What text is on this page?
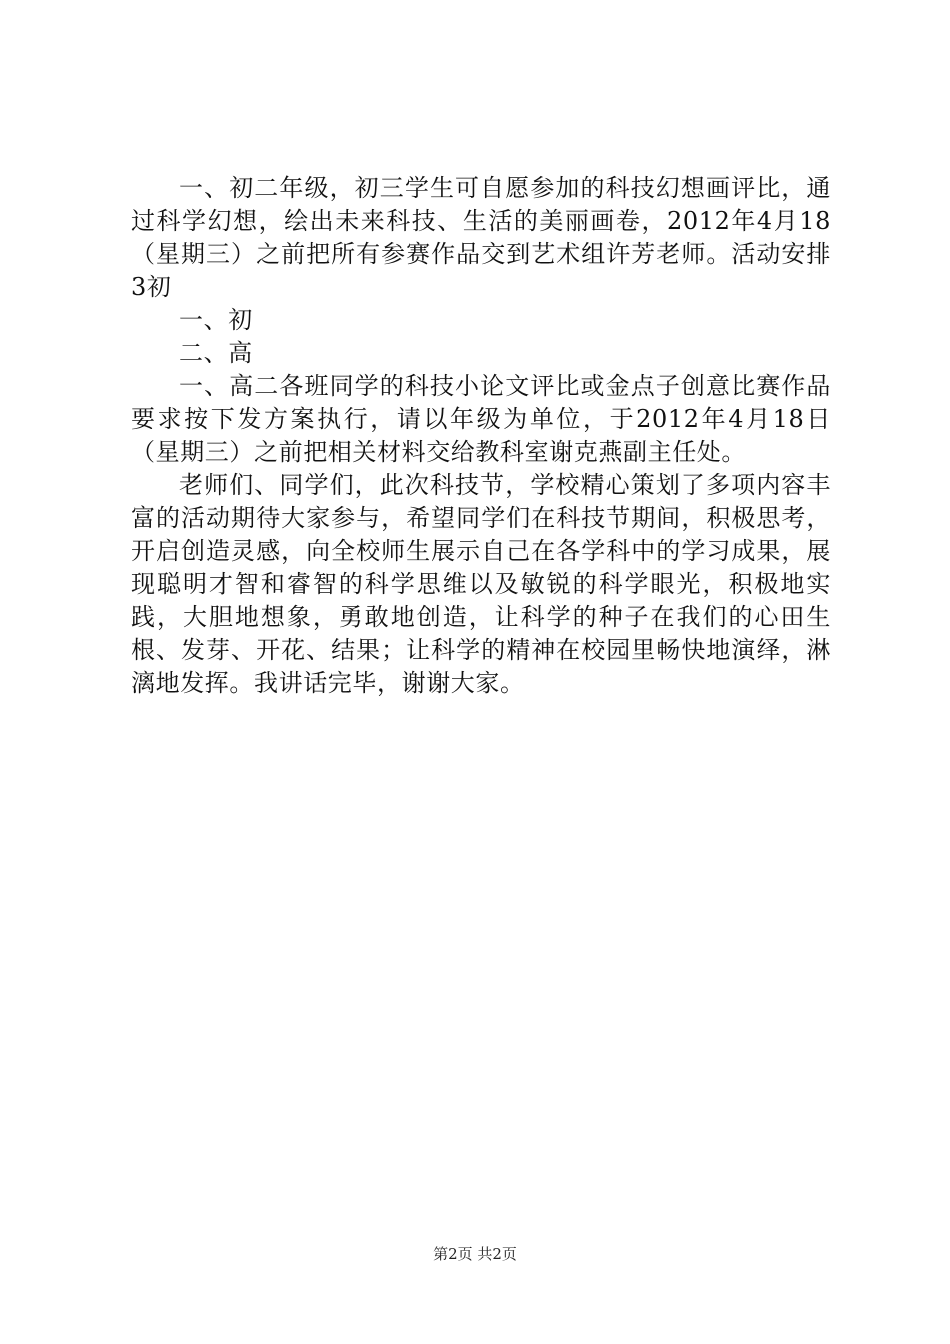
一、初二年级，初三学生可自愿参加的科技幻想画评比，通过科学幻想，绘出未来科技、生活的美丽画卷，2012年4月18（星期三）之前把所有参赛作品交到艺术组许芳老师。活动安排3初

一、初

二、高

一、高二各班同学的科技小论文评比或金点子创意比赛作品要求按下发方案执行，请以年级为单位，于2012年4月18日（星期三）之前把相关材料交给教科室谢克燕副主任处。

老师们、同学们，此次科技节，学校精心策划了多项内容丰富的活动期待大家参与，希望同学们在科技节期间，积极思考，开启创造灵感，向全校师生展示自己在各学科中的学习成果，展现聪明才智和睿智的科学思维以及敏锐的科学眼光，积极地实践，大胆地想象，勇敢地创造，让科学的种子在我们的心田生根、发芽、开花、结果；让科学的精神在校园里畅快地演绎，淋漓地发挥。我讲话完毕，谢谢大家。

第2页 共2页
